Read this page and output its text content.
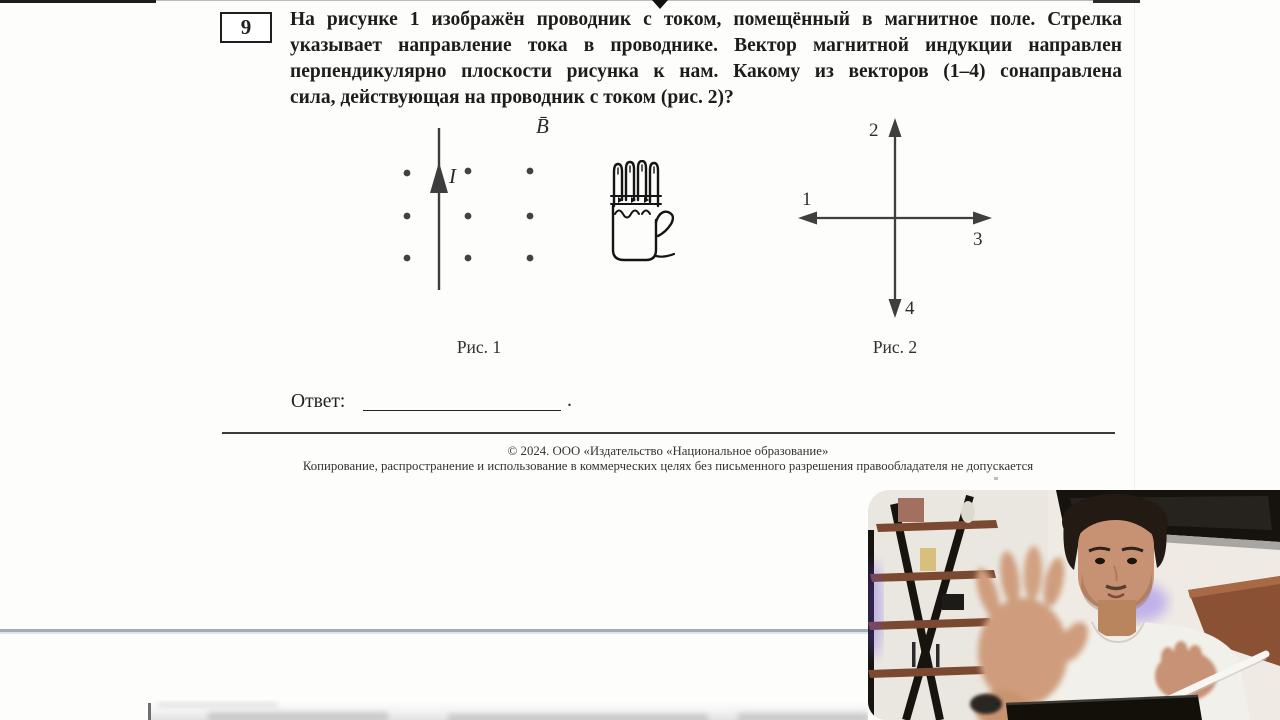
9 На рисунке 1 изображён проводник с током, помещённый в магнитное поле. Стрелка
указывает направление тока в проводнике. Вектор магнитной индукции направлен
перпендикулярно плоскости рисунка к нам. Какому из векторов (1–4) сонаправлена
сила, действующая на проводник с током (рис. 2)?
I
B̄	2
1
3
4
Рис. 1	Рис. 2
Ответ:	.
© 2024. ООО «Издательство «Национальное образование»
Копирование, распространение и использование в коммерческих целях без письменного разрешения правообладателя не допускается
